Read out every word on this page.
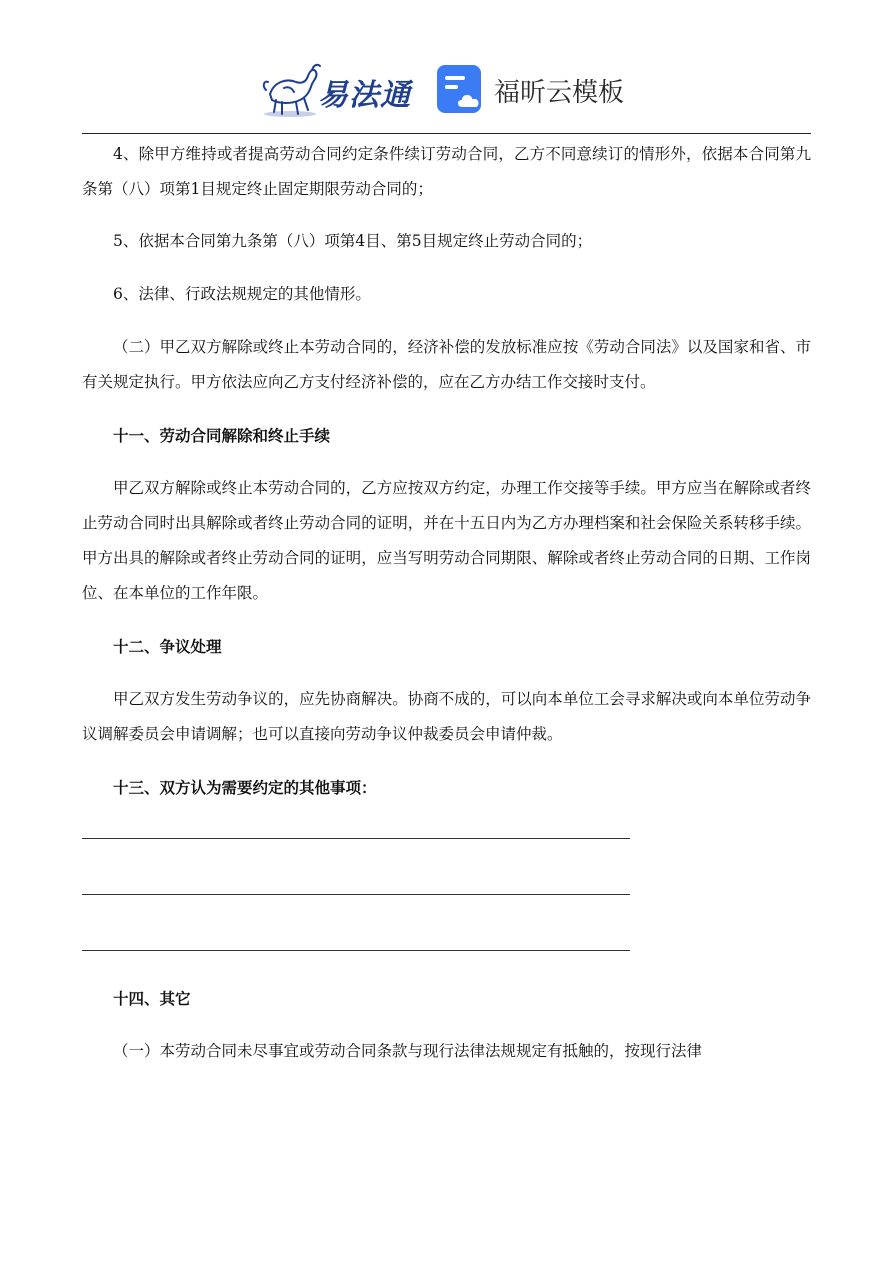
易法通	福昕云模板

4、除甲方维持或者提高劳动合同约定条件续订劳动合同，乙方不同意续订的情形外，依据本合同第九条第（八）项第1目规定终止固定期限劳动合同的；

5、依据本合同第九条第（八）项第4目、第5目规定终止劳动合同的；

6、法律、行政法规规定的其他情形。

（二）甲乙双方解除或终止本劳动合同的，经济补偿的发放标准应按《劳动合同法》以及国家和省、市有关规定执行。甲方依法应向乙方支付经济补偿的，应在乙方办结工作交接时支付。

十一、劳动合同解除和终止手续

甲乙双方解除或终止本劳动合同的，乙方应按双方约定，办理工作交接等手续。甲方应当在解除或者终止劳动合同时出具解除或者终止劳动合同的证明，并在十五日内为乙方办理档案和社会保险关系转移手续。甲方出具的解除或者终止劳动合同的证明，应当写明劳动合同期限、解除或者终止劳动合同的日期、工作岗位、在本单位的工作年限。

十二、争议处理

甲乙双方发生劳动争议的，应先协商解决。协商不成的，可以向本单位工会寻求解决或向本单位劳动争议调解委员会申请调解；也可以直接向劳动争议仲裁委员会申请仲裁。

十三、双方认为需要约定的其他事项：

十四、其它

（一）本劳动合同未尽事宜或劳动合同条款与现行法律法规规定有抵触的，按现行法律
